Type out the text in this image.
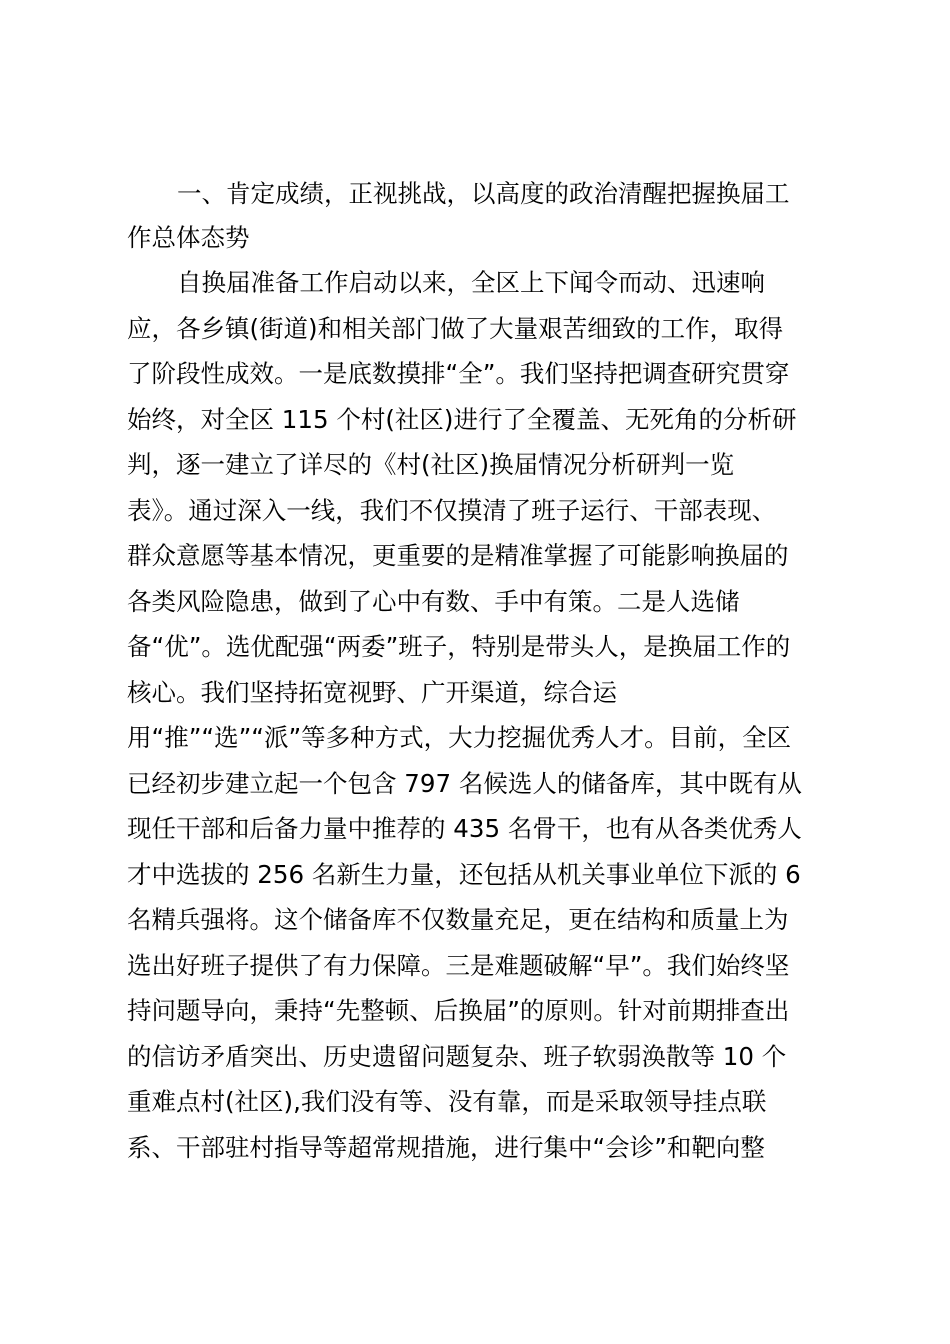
一、肯定成绩，正视挑战，以高度的政治清醒把握换届工
作总体态势
自换届准备工作启动以来，全区上下闻令而动、迅速响
应，各乡镇(街道)和相关部门做了大量艰苦细致的工作，取得
了阶段性成效。一是底数摸排“全”。我们坚持把调查研究贯穿
始终，对全区 115 个村(社区)进行了全覆盖、无死角的分析研
判，逐一建立了详尽的《村(社区)换届情况分析研判一览
表》。通过深入一线，我们不仅摸清了班子运行、干部表现、
群众意愿等基本情况，更重要的是精准掌握了可能影响换届的
各类风险隐患，做到了心中有数、手中有策。二是人选储
备“优”。选优配强“两委”班子，特别是带头人，是换届工作的
核心。我们坚持拓宽视野、广开渠道，综合运
用“推”“选”“派”等多种方式，大力挖掘优秀人才。目前，全区
已经初步建立起一个包含 797 名候选人的储备库，其中既有从
现任干部和后备力量中推荐的 435 名骨干，也有从各类优秀人
才中选拔的 256 名新生力量，还包括从机关事业单位下派的 6
名精兵强将。这个储备库不仅数量充足，更在结构和质量上为
选出好班子提供了有力保障。三是难题破解“早”。我们始终坚
持问题导向，秉持“先整顿、后换届”的原则。针对前期排查出
的信访矛盾突出、历史遗留问题复杂、班子软弱涣散等 10 个
重难点村(社区),我们没有等、没有靠，而是采取领导挂点联
系、干部驻村指导等超常规措施，进行集中“会诊”和靶向整
